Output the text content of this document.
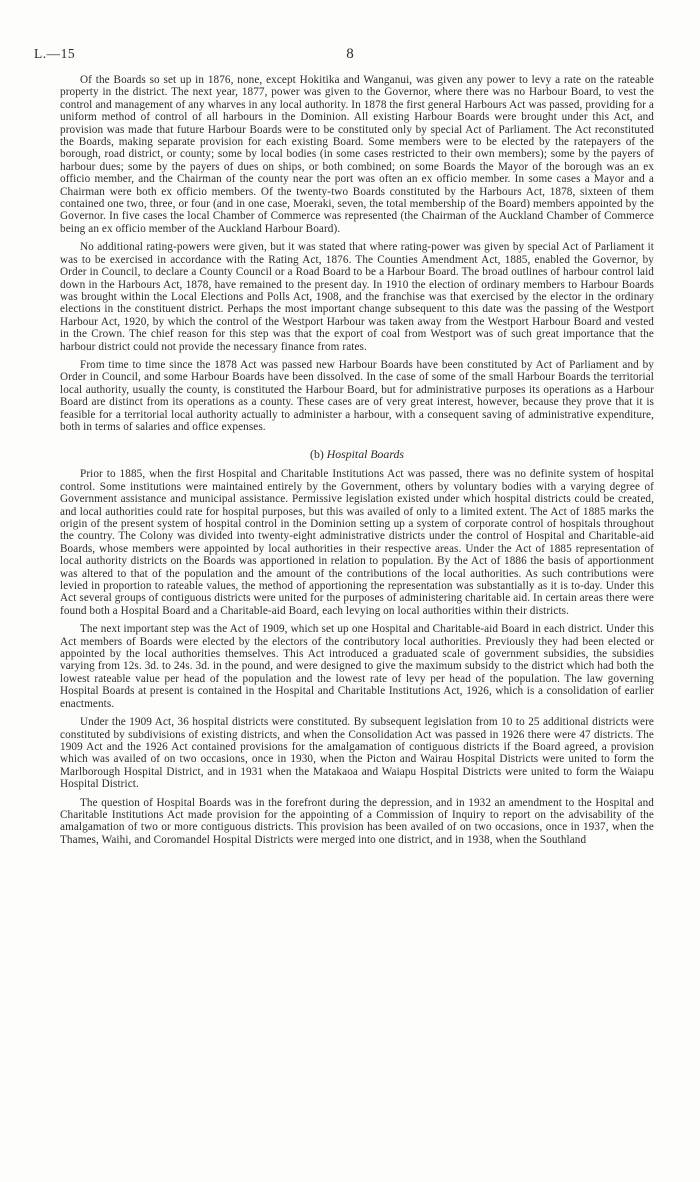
L.—15	8

Of the Boards so set up in 1876, none, except Hokitika and Wanganui, was given any power to levy a rate on the rateable property in the district. The next year, 1877, power was given to the Governor, where there was no Harbour Board, to vest the control and management of any wharves in any local authority. In 1878 the first general Harbours Act was passed, providing for a uniform method of control of all harbours in the Dominion. All existing Harbour Boards were brought under this Act, and provision was made that future Harbour Boards were to be constituted only by special Act of Parliament. The Act reconstituted the Boards, making separate provision for each existing Board. Some members were to be elected by the ratepayers of the borough, road district, or county; some by local bodies (in some cases restricted to their own members); some by the payers of harbour dues; some by the payers of dues on ships, or both combined; on some Boards the Mayor of the borough was an ex officio member, and the Chairman of the county near the port was often an ex officio member. In some cases a Mayor and a Chairman were both ex officio members. Of the twenty-two Boards constituted by the Harbours Act, 1878, sixteen of them contained one two, three, or four (and in one case, Moeraki, seven, the total membership of the Board) members appointed by the Governor. In five cases the local Chamber of Commerce was represented (the Chairman of the Auckland Chamber of Commerce being an ex officio member of the Auckland Harbour Board).

No additional rating-powers were given, but it was stated that where rating-power was given by special Act of Parliament it was to be exercised in accordance with the Rating Act, 1876. The Counties Amendment Act, 1885, enabled the Governor, by Order in Council, to declare a County Council or a Road Board to be a Harbour Board. The broad outlines of harbour control laid down in the Harbours Act, 1878, have remained to the present day. In 1910 the election of ordinary members to Harbour Boards was brought within the Local Elections and Polls Act, 1908, and the franchise was that exercised by the elector in the ordinary elections in the constituent district. Perhaps the most important change subsequent to this date was the passing of the Westport Harbour Act, 1920, by which the control of the Westport Harbour was taken away from the Westport Harbour Board and vested in the Crown. The chief reason for this step was that the export of coal from Westport was of such great importance that the harbour district could not provide the necessary finance from rates.

From time to time since the 1878 Act was passed new Harbour Boards have been constituted by Act of Parliament and by Order in Council, and some Harbour Boards have been dissolved. In the case of some of the small Harbour Boards the territorial local authority, usually the county, is constituted the Harbour Board, but for administrative purposes its operations as a Harbour Board are distinct from its operations as a county. These cases are of very great interest, however, because they prove that it is feasible for a territorial local authority actually to administer a harbour, with a consequent saving of administrative expenditure, both in terms of salaries and office expenses.

(b) Hospital Boards

Prior to 1885, when the first Hospital and Charitable Institutions Act was passed, there was no definite system of hospital control. Some institutions were maintained entirely by the Government, others by voluntary bodies with a varying degree of Government assistance and municipal assistance. Permissive legislation existed under which hospital districts could be created, and local authorities could rate for hospital purposes, but this was availed of only to a limited extent. The Act of 1885 marks the origin of the present system of hospital control in the Dominion setting up a system of corporate control of hospitals throughout the country. The Colony was divided into twenty-eight administrative districts under the control of Hospital and Charitable-aid Boards, whose members were appointed by local authorities in their respective areas. Under the Act of 1885 representation of local authority districts on the Boards was apportioned in relation to population. By the Act of 1886 the basis of apportionment was altered to that of the population and the amount of the contributions of the local authorities. As such contributions were levied in proportion to rateable values, the method of apportioning the representation was substantially as it is to-day. Under this Act several groups of contiguous districts were united for the purposes of administering charitable aid. In certain areas there were found both a Hospital Board and a Charitable-aid Board, each levying on local authorities within their districts.

The next important step was the Act of 1909, which set up one Hospital and Charitable-aid Board in each district. Under this Act members of Boards were elected by the electors of the contributory local authorities. Previously they had been elected or appointed by the local authorities themselves. This Act introduced a graduated scale of government subsidies, the subsidies varying from 12s. 3d. to 24s. 3d. in the pound, and were designed to give the maximum subsidy to the district which had both the lowest rateable value per head of the population and the lowest rate of levy per head of the population. The law governing Hospital Boards at present is contained in the Hospital and Charitable Institutions Act, 1926, which is a consolidation of earlier enactments.

Under the 1909 Act, 36 hospital districts were constituted. By subsequent legislation from 10 to 25 additional districts were constituted by subdivisions of existing districts, and when the Consolidation Act was passed in 1926 there were 47 districts. The 1909 Act and the 1926 Act contained provisions for the amalgamation of contiguous districts if the Board agreed, a provision which was availed of on two occasions, once in 1930, when the Picton and Wairau Hospital Districts were united to form the Marlborough Hospital District, and in 1931 when the Matakaoa and Waiapu Hospital Districts were united to form the Waiapu Hospital District.

The question of Hospital Boards was in the forefront during the depression, and in 1932 an amendment to the Hospital and Charitable Institutions Act made provision for the appointing of a Commission of Inquiry to report on the advisability of the amalgamation of two or more contiguous districts. This provision has been availed of on two occasions, once in 1937, when the Thames, Waihi, and Coromandel Hospital Districts were merged into one district, and in 1938, when the Southland
